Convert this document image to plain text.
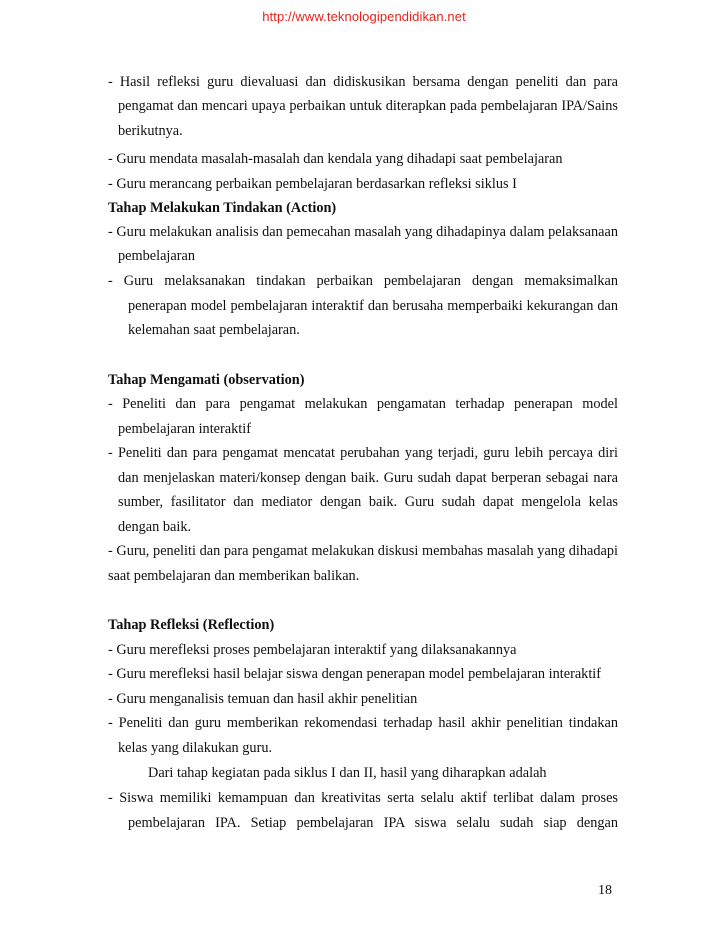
http://www.teknologipendidikan.net
- Hasil refleksi guru dievaluasi dan didiskusikan bersama dengan peneliti dan para
pengamat dan mencari upaya perbaikan untuk diterapkan pada pembelajaran IPA/Sains
berikutnya.
- Guru mendata masalah-masalah dan kendala yang dihadapi saat pembelajaran
- Guru merancang perbaikan pembelajaran berdasarkan refleksi siklus I
Tahap Melakukan Tindakan (Action)
- Guru melakukan analisis dan pemecahan masalah yang dihadapinya dalam pelaksanaan
pembelajaran
- Guru melaksanakan tindakan perbaikan pembelajaran dengan memaksimalkan
penerapan model pembelajaran interaktif dan berusaha memperbaiki kekurangan dan
kelemahan saat pembelajaran.
Tahap Mengamati (observation)
- Peneliti dan para pengamat melakukan pengamatan terhadap penerapan model
pembelajaran interaktif
- Peneliti dan para pengamat mencatat perubahan yang terjadi, guru lebih percaya diri
dan menjelaskan materi/konsep dengan baik. Guru sudah dapat berperan sebagai nara
sumber, fasilitator dan mediator dengan baik. Guru sudah dapat mengelola kelas
dengan baik.
- Guru, peneliti dan para pengamat melakukan diskusi membahas masalah yang dihadapi
saat pembelajaran dan memberikan balikan.
Tahap Refleksi (Reflection)
- Guru merefleksi proses pembelajaran interaktif yang dilaksanakannya
- Guru merefleksi hasil belajar siswa dengan penerapan model pembelajaran interaktif
- Guru menganalisis temuan dan hasil akhir penelitian
- Peneliti dan guru memberikan rekomendasi terhadap hasil akhir penelitian tindakan
kelas yang dilakukan guru.
Dari tahap kegiatan pada siklus I dan II, hasil yang diharapkan adalah
- Siswa memiliki kemampuan dan kreativitas serta selalu aktif terlibat dalam proses
pembelajaran IPA. Setiap pembelajaran IPA siswa selalu sudah siap dengan
18
